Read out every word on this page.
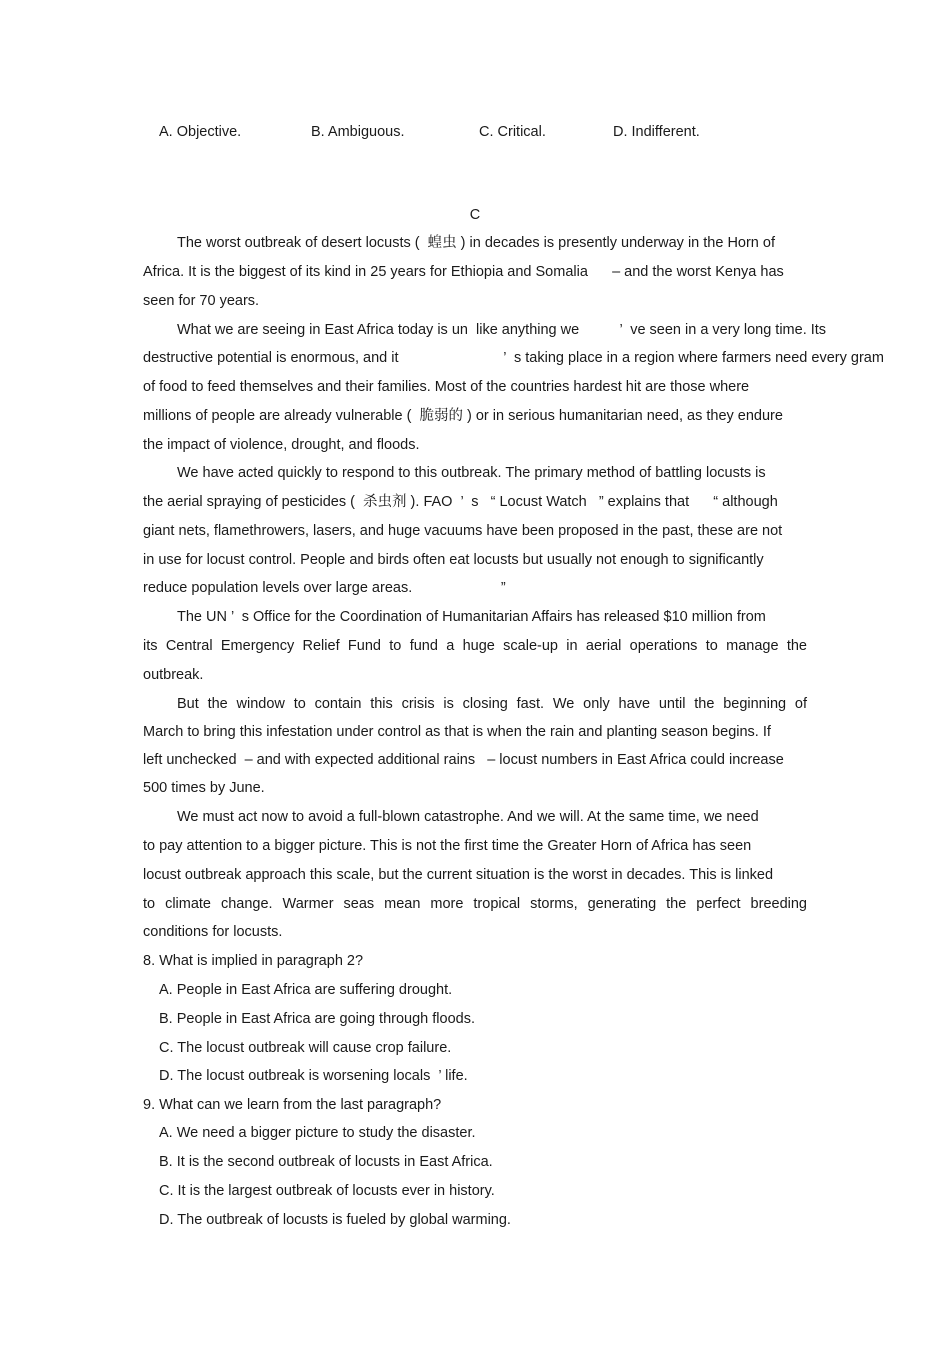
A. Objective.	B. Ambiguous.	C. Critical.	D. Indifferent.
C
The worst outbreak of desert locusts (  蝗虫 ) in decades is presently underway in the Horn of
Africa. It is the biggest of its kind in 25 years for Ethiopia and Somalia      – and the worst Kenya has
seen for 70 years.
What we are seeing in East Africa today is un  like anything we          ’  ve seen in a very long time. Its
destructive potential is enormous, and it                          ’  s taking place in a region where farmers need every gram
of food to feed themselves and their families. Most of the countries hardest hit are those where
millions of people are already vulnerable (  脆弱的 ) or in serious humanitarian need, as they endure
the impact of violence, drought, and floods.
We have acted quickly to respond to this outbreak. The primary method of battling locusts is
the aerial spraying of pesticides (  杀虫剂 ). FAO  ’  s   “ Locust Watch   ” explains that      “ although
giant nets, flamethrowers, lasers, and huge vacuums have been proposed in the past, these are not
in use for locust control. People and birds often eat locusts but usually not enough to significantly
reduce population levels over large areas.                      ”
The UN ’  s Office for the Coordination of Humanitarian Affairs has released $10 million from
its Central Emergency Relief Fund to fund a huge scale-up in aerial operations to manage the
outbreak.
But the window to contain this crisis is closing fast. We only have until the beginning of
March to bring this infestation under control as that is when the rain and planting season begins. If
left unchecked  – and with expected additional rains   – locust numbers in East Africa could increase
500 times by June.
We must act now to avoid a full-blown catastrophe. And we will. At the same time, we need
to pay attention to a bigger picture. This is not the first time the Greater Horn of Africa has seen
locust outbreak approach this scale, but the current situation is the worst in decades. This is linked
to climate change. Warmer seas mean more tropical storms, generating the perfect breeding
conditions for locusts.
8. What is implied in paragraph 2?
A. People in East Africa are suffering drought.
B. People in East Africa are going through floods.
C. The locust outbreak will cause crop failure.
D. The locust outbreak is worsening locals  ’ life.
9. What can we learn from the last paragraph?
A. We need a bigger picture to study the disaster.
B. It is the second outbreak of locusts in East Africa.
C. It is the largest outbreak of locusts ever in history.
D. The outbreak of locusts is fueled by global warming.
